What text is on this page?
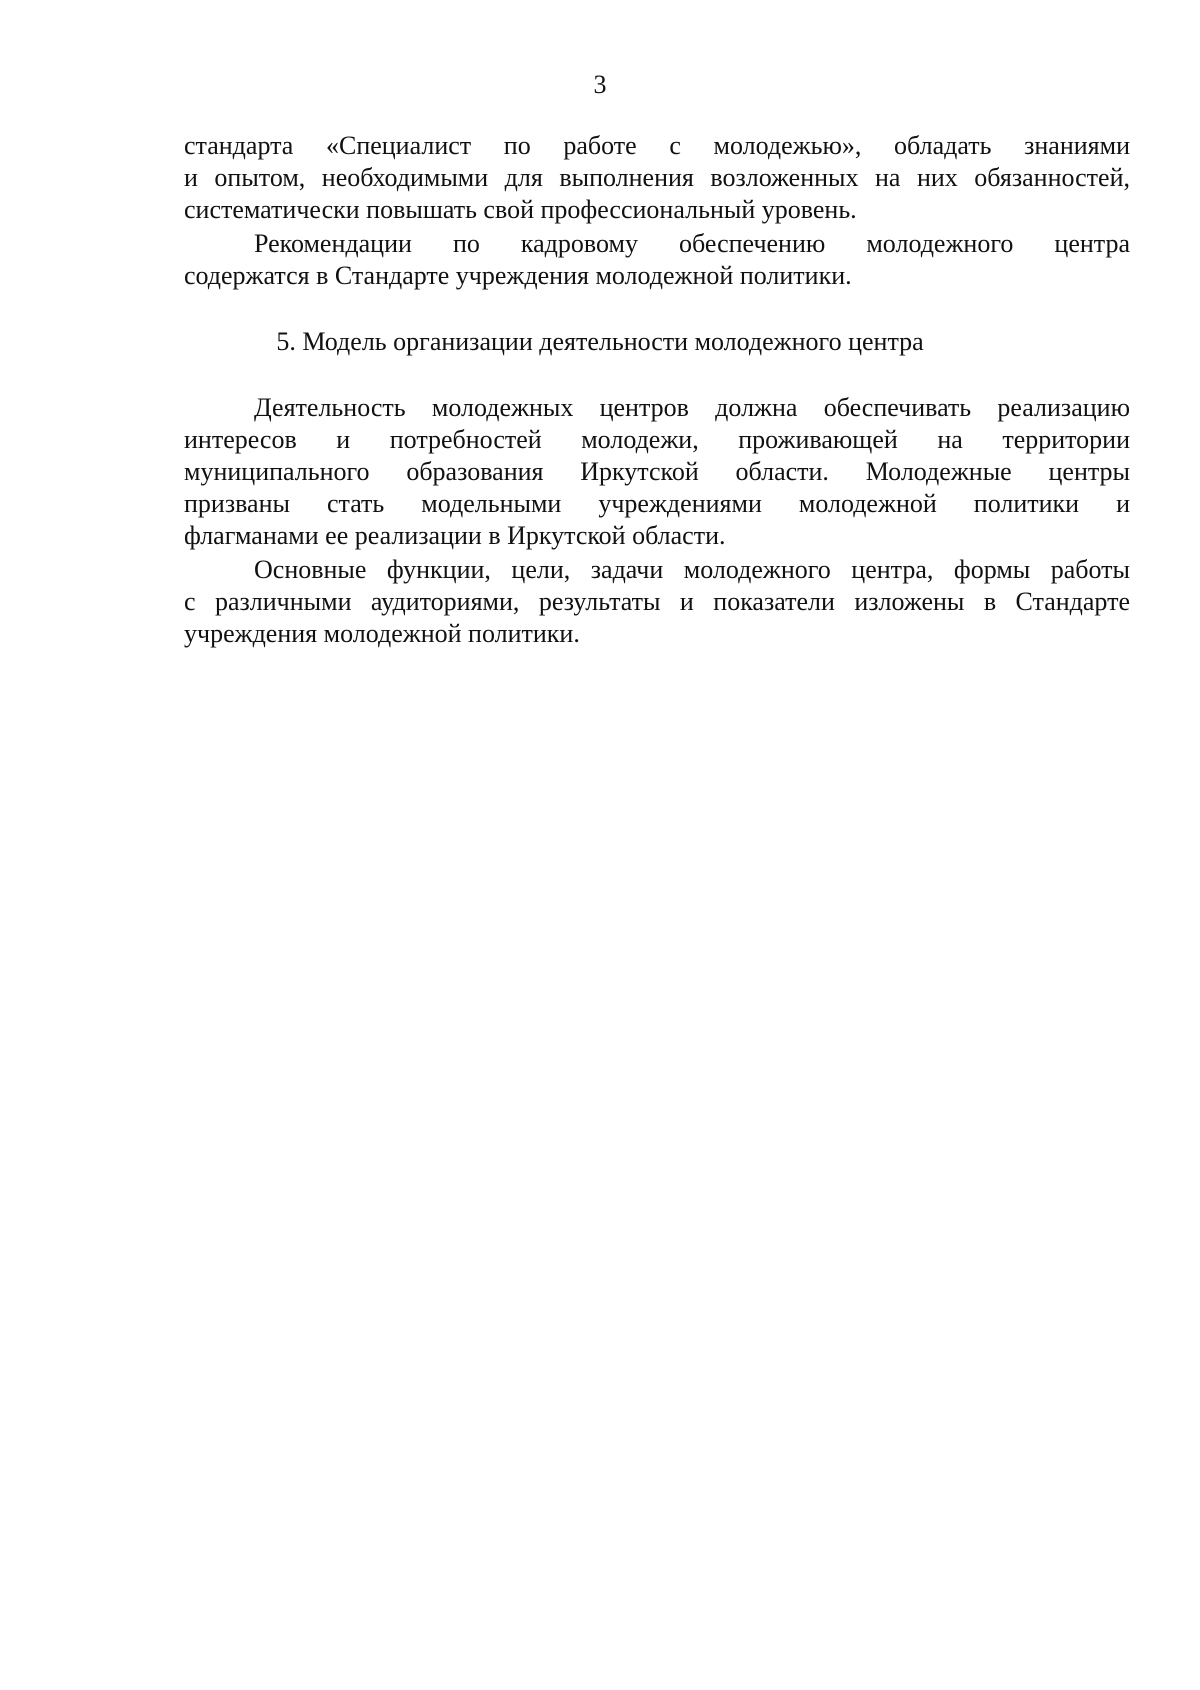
3
стандарта «Специалист по работе с молодежью», обладать знаниями
и опытом, необходимыми для выполнения возложенных на них обязанностей,
систематически повышать свой профессиональный уровень.
Рекомендации по кадровому обеспечению молодежного центра
содержатся в Стандарте учреждения молодежной политики.
5. Модель организации деятельности молодежного центра
Деятельность молодежных центров должна обеспечивать реализацию
интересов и потребностей молодежи, проживающей на территории
муниципального образования Иркутской области. Молодежные центры
призваны стать модельными учреждениями молодежной политики и
флагманами ее реализации в Иркутской области.
Основные функции, цели, задачи молодежного центра, формы работы
с различными аудиториями, результаты и показатели изложены в Стандарте
учреждения молодежной политики.
